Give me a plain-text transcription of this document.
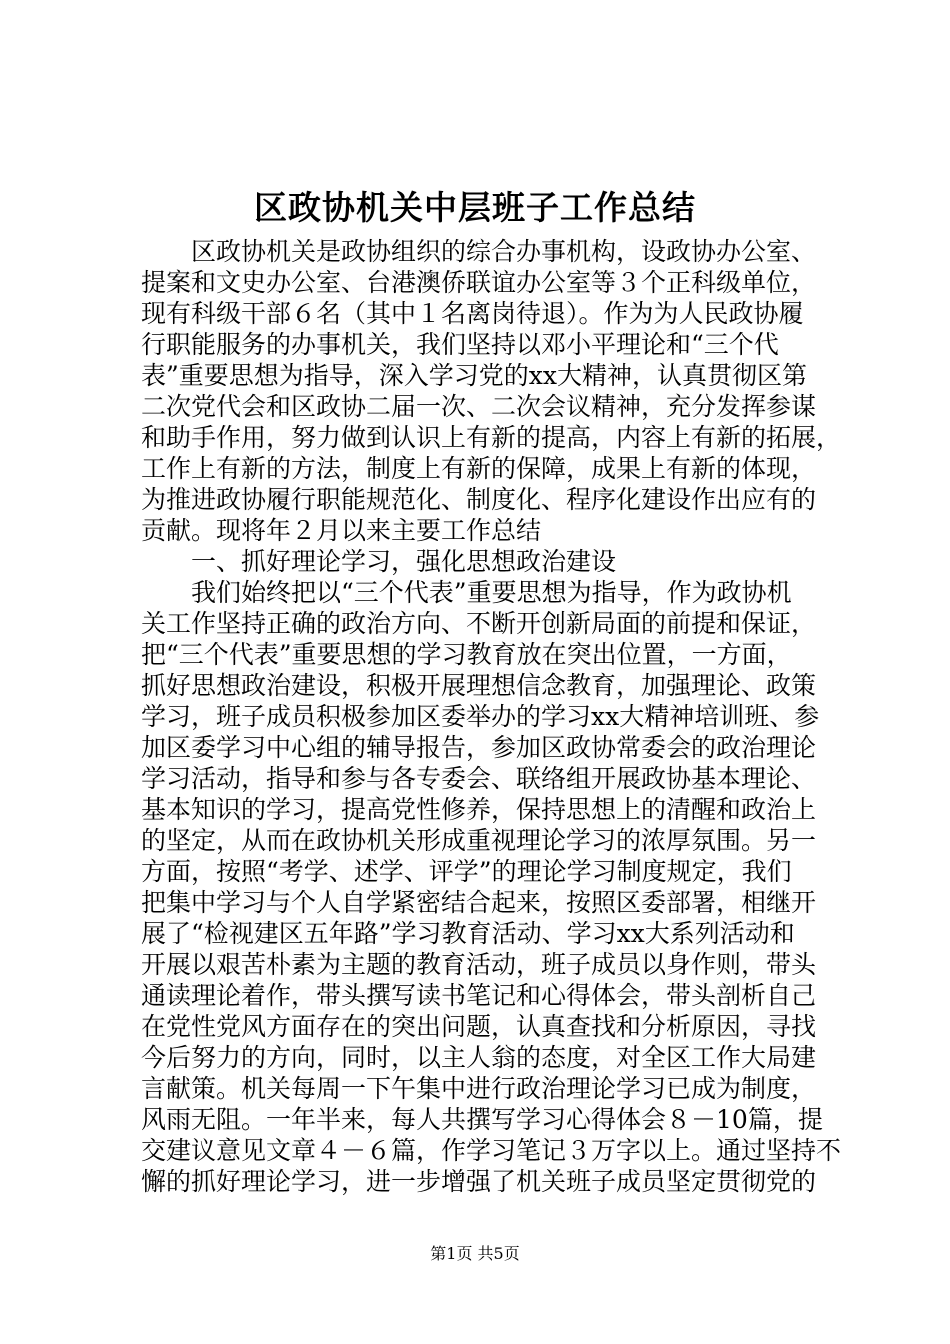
区政协机关中层班子工作总结
　　区政协机关是政协组织的综合办事机构，设政协办公室、
提案和文史办公室、台港澳侨联谊办公室等３个正科级单位，
现有科级干部６名（其中１名离岗待退）。作为为人民政协履
行职能服务的办事机关，我们坚持以邓小平理论和“三个代
表”重要思想为指导，深入学习党的xx大精神，认真贯彻区第
二次党代会和区政协二届一次、二次会议精神，充分发挥参谋
和助手作用，努力做到认识上有新的提高，内容上有新的拓展，
工作上有新的方法，制度上有新的保障，成果上有新的体现，
为推进政协履行职能规范化、制度化、程序化建设作出应有的
贡献。现将年２月以来主要工作总结
　　一、抓好理论学习，强化思想政治建设
　　我们始终把以“三个代表”重要思想为指导，作为政协机
关工作坚持正确的政治方向、不断开创新局面的前提和保证，
把“三个代表”重要思想的学习教育放在突出位置，一方面，
抓好思想政治建设，积极开展理想信念教育，加强理论、政策
学习，班子成员积极参加区委举办的学习xx大精神培训班、参
加区委学习中心组的辅导报告，参加区政协常委会的政治理论
学习活动，指导和参与各专委会、联络组开展政协基本理论、
基本知识的学习，提高党性修养，保持思想上的清醒和政治上
的坚定，从而在政协机关形成重视理论学习的浓厚氛围。另一
方面，按照“考学、述学、评学”的理论学习制度规定，我们
把集中学习与个人自学紧密结合起来，按照区委部署，相继开
展了“检视建区五年路”学习教育活动、学习xx大系列活动和
开展以艰苦朴素为主题的教育活动，班子成员以身作则，带头
通读理论着作，带头撰写读书笔记和心得体会，带头剖析自己
在党性党风方面存在的突出问题，认真查找和分析原因，寻找
今后努力的方向，同时，以主人翁的态度，对全区工作大局建
言献策。机关每周一下午集中进行政治理论学习已成为制度，
风雨无阻。一年半来，每人共撰写学习心得体会８－10篇，提
交建议意见文章４－６篇，作学习笔记３万字以上。通过坚持不
懈的抓好理论学习，进一步增强了机关班子成员坚定贯彻党的
第1页 共5页
